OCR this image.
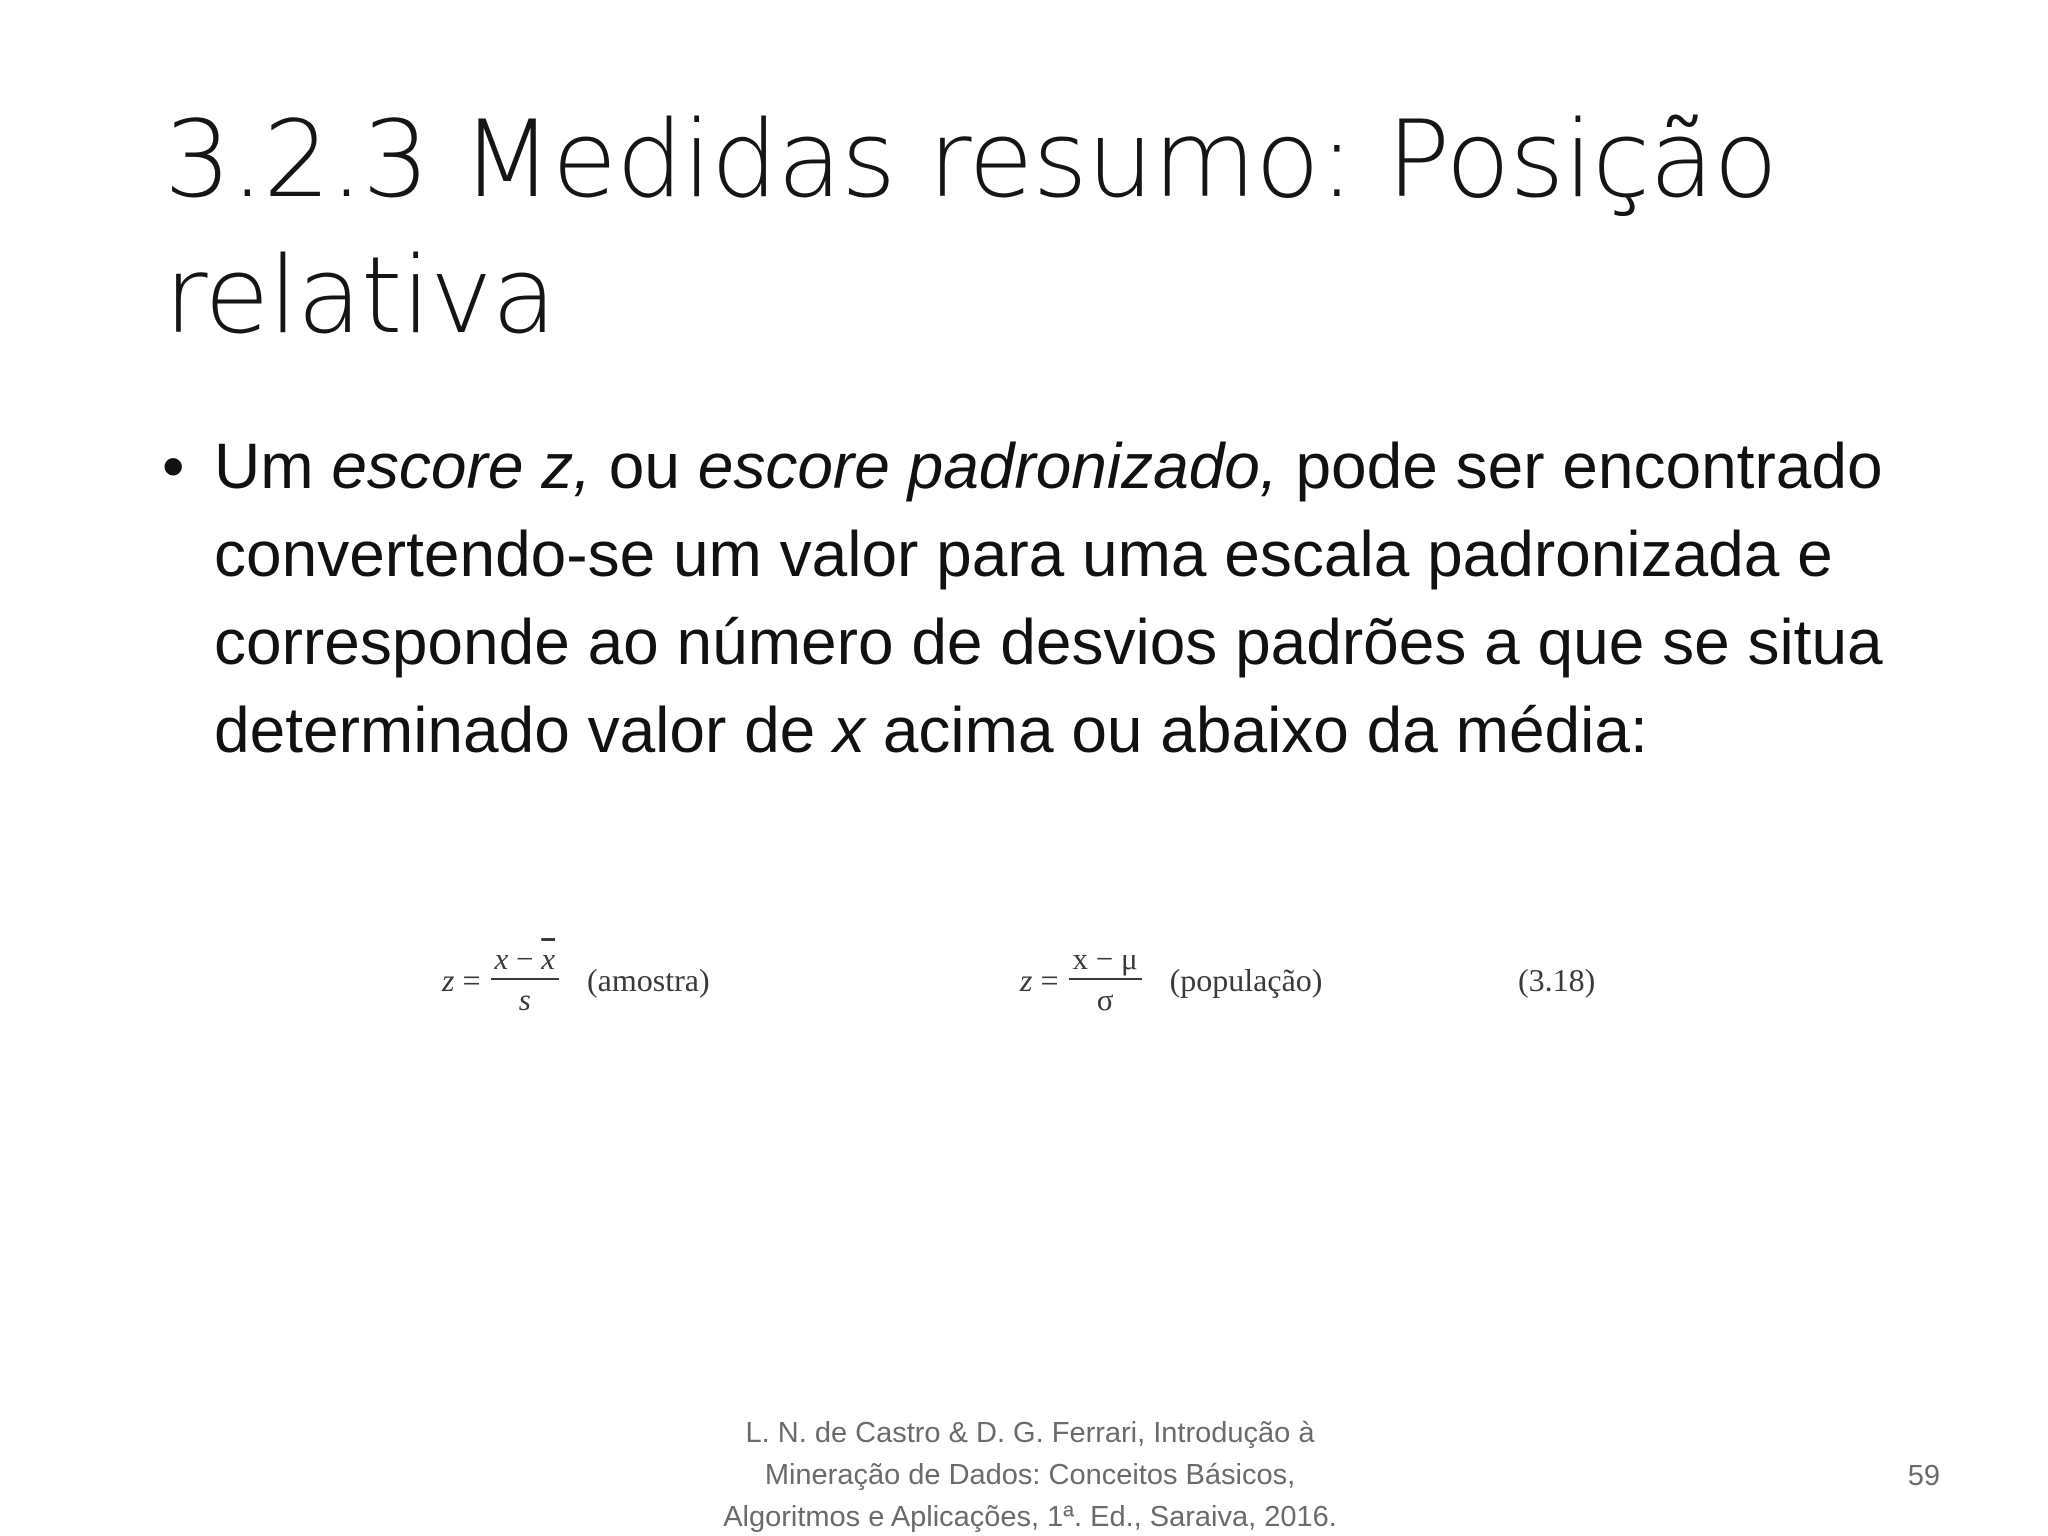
3.2.3 Medidas resumo: Posição relativa
• Um escore z, ou escore padronizado, pode ser encontrado convertendo-se um valor para uma escala padronizada e corresponde ao número de desvios padrões a que se situa determinado valor de x acima ou abaixo da média:
$z = \frac{x - \overline{x}}{s}$ (amostra)	$z = \frac{x - \mu}{\sigma}$ (população)	(3.18)
L. N. de Castro & D. G. Ferrari, Introdução à
Mineração de Dados: Conceitos Básicos,
Algoritmos e Aplicações, 1ª. Ed., Saraiva, 2016.
59
